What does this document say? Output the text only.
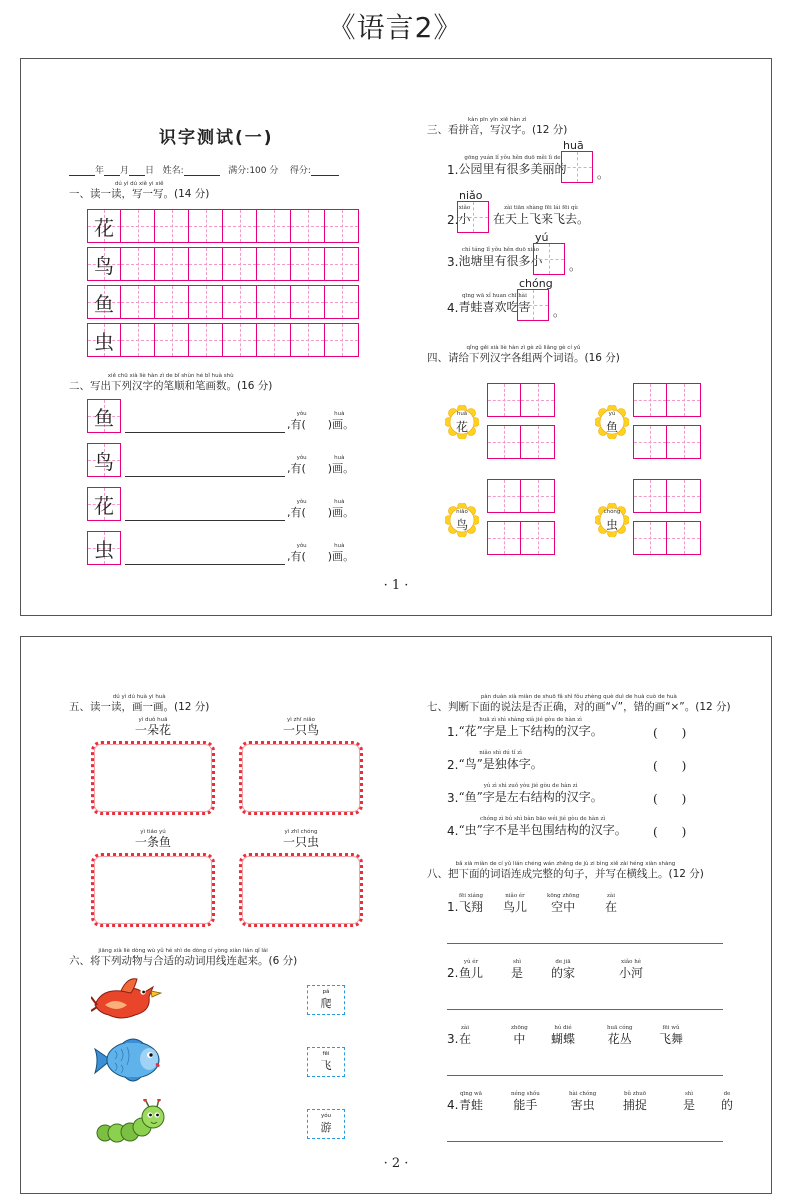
《语言2》
识字测试(一)
年 月 日 姓名:	满分:100 分 得分:
dú yì dú xiě yi xiě
一、读一读，写一写。(14 分)
xiě chū xià liè hàn zì de bǐ shùn hé bǐ huà shù
二、写出下列汉字的笔顺和笔画数。(16 分)
kàn pīn yīn xiě hàn zì
三、看拼音，写汉字。(12 分)
qǐng gěi xià liè hàn zì gè zǔ liǎng gè cí yǔ
四、请给下列汉字各组两个词语。(16 分)
· 1 ·
花
鸟
鱼
虫
鱼	yǒu　　　　　huà
,有(　　)画。
鸟	yǒu　　　　　huà
,有(　　)画。
花	yǒu　　　　　huà
,有(　　)画。
虫	yǒu　　　　　huà
,有(　　)画。
1.
gōng yuán lǐ yǒu hěn duō měi lì de
公园里有很多美丽的
huā
。
2.
xiǎo
小
niǎo
zài tiān shàng fēi lái fēi qù
在天上飞来飞去。
3.
chí táng lǐ yǒu hěn duō xiǎo
池塘里有很多小
yú
。
4.
qīng wā xǐ huan chī hài
青蛙喜欢吃害
chóng
。
huā
花
yú
鱼
niǎo
鸟
chóng
虫
dú yì dú huà yi huà
五、读一读，画一画。(12 分)
jiāng xià liè dòng wù yǔ hé shì de dòng cí yòng xiàn lián qǐ lái
六、将下列动物与合适的动词用线连起来。(6 分)
pàn duàn xià miàn de shuō fǎ shì fǒu zhèng què duì de huà cuò de huà
七、判断下面的说法是否正确，对的画“√”，错的画“×”。(12 分)
bǎ xià miàn de cí yǔ lián chéng wán zhěng de jù zi bìng xiě zài héng xiàn shàng
八、把下面的词语连成完整的句子，并写在横线上。(12 分)
· 2 ·
yì duǒ huā
一朵花
yì zhī niǎo
一只鸟
yì tiáo yú
一条鱼
yì zhī chóng
一只虫
pá
爬
fēi
飞
yóu
游
1.
huā zì shì shàng xià jié gòu de hàn zì
“花”字是上下结构的汉字。	(　　)
2.
niǎo shì dú tǐ zì
“鸟”是独体字。	(　　)
3.
yú zì shì zuǒ yòu jié gòu de hàn zì
“鱼”字是左右结构的汉字。	(　　)
4.
chóng zì bú shì bàn bāo wéi jié gòu de hàn zì
“虫”字不是半包围结构的汉字。 (　　)
1.
fēi xiáng
飞翔
niǎo ér
鸟儿
kōng zhōng
空中
zài
在
2.
yú ér
鱼儿
shì
是
de jiā
的家
xiǎo hé
小河
3.
zài
在
zhōng
中
hú dié
蝴蝶
huā cóng
花丛
fēi wǔ
飞舞
4.
qīng wā
青蛙
néng shǒu
能手
hài chóng
害虫
bǔ zhuō
捕捉
shì
是
de
的
